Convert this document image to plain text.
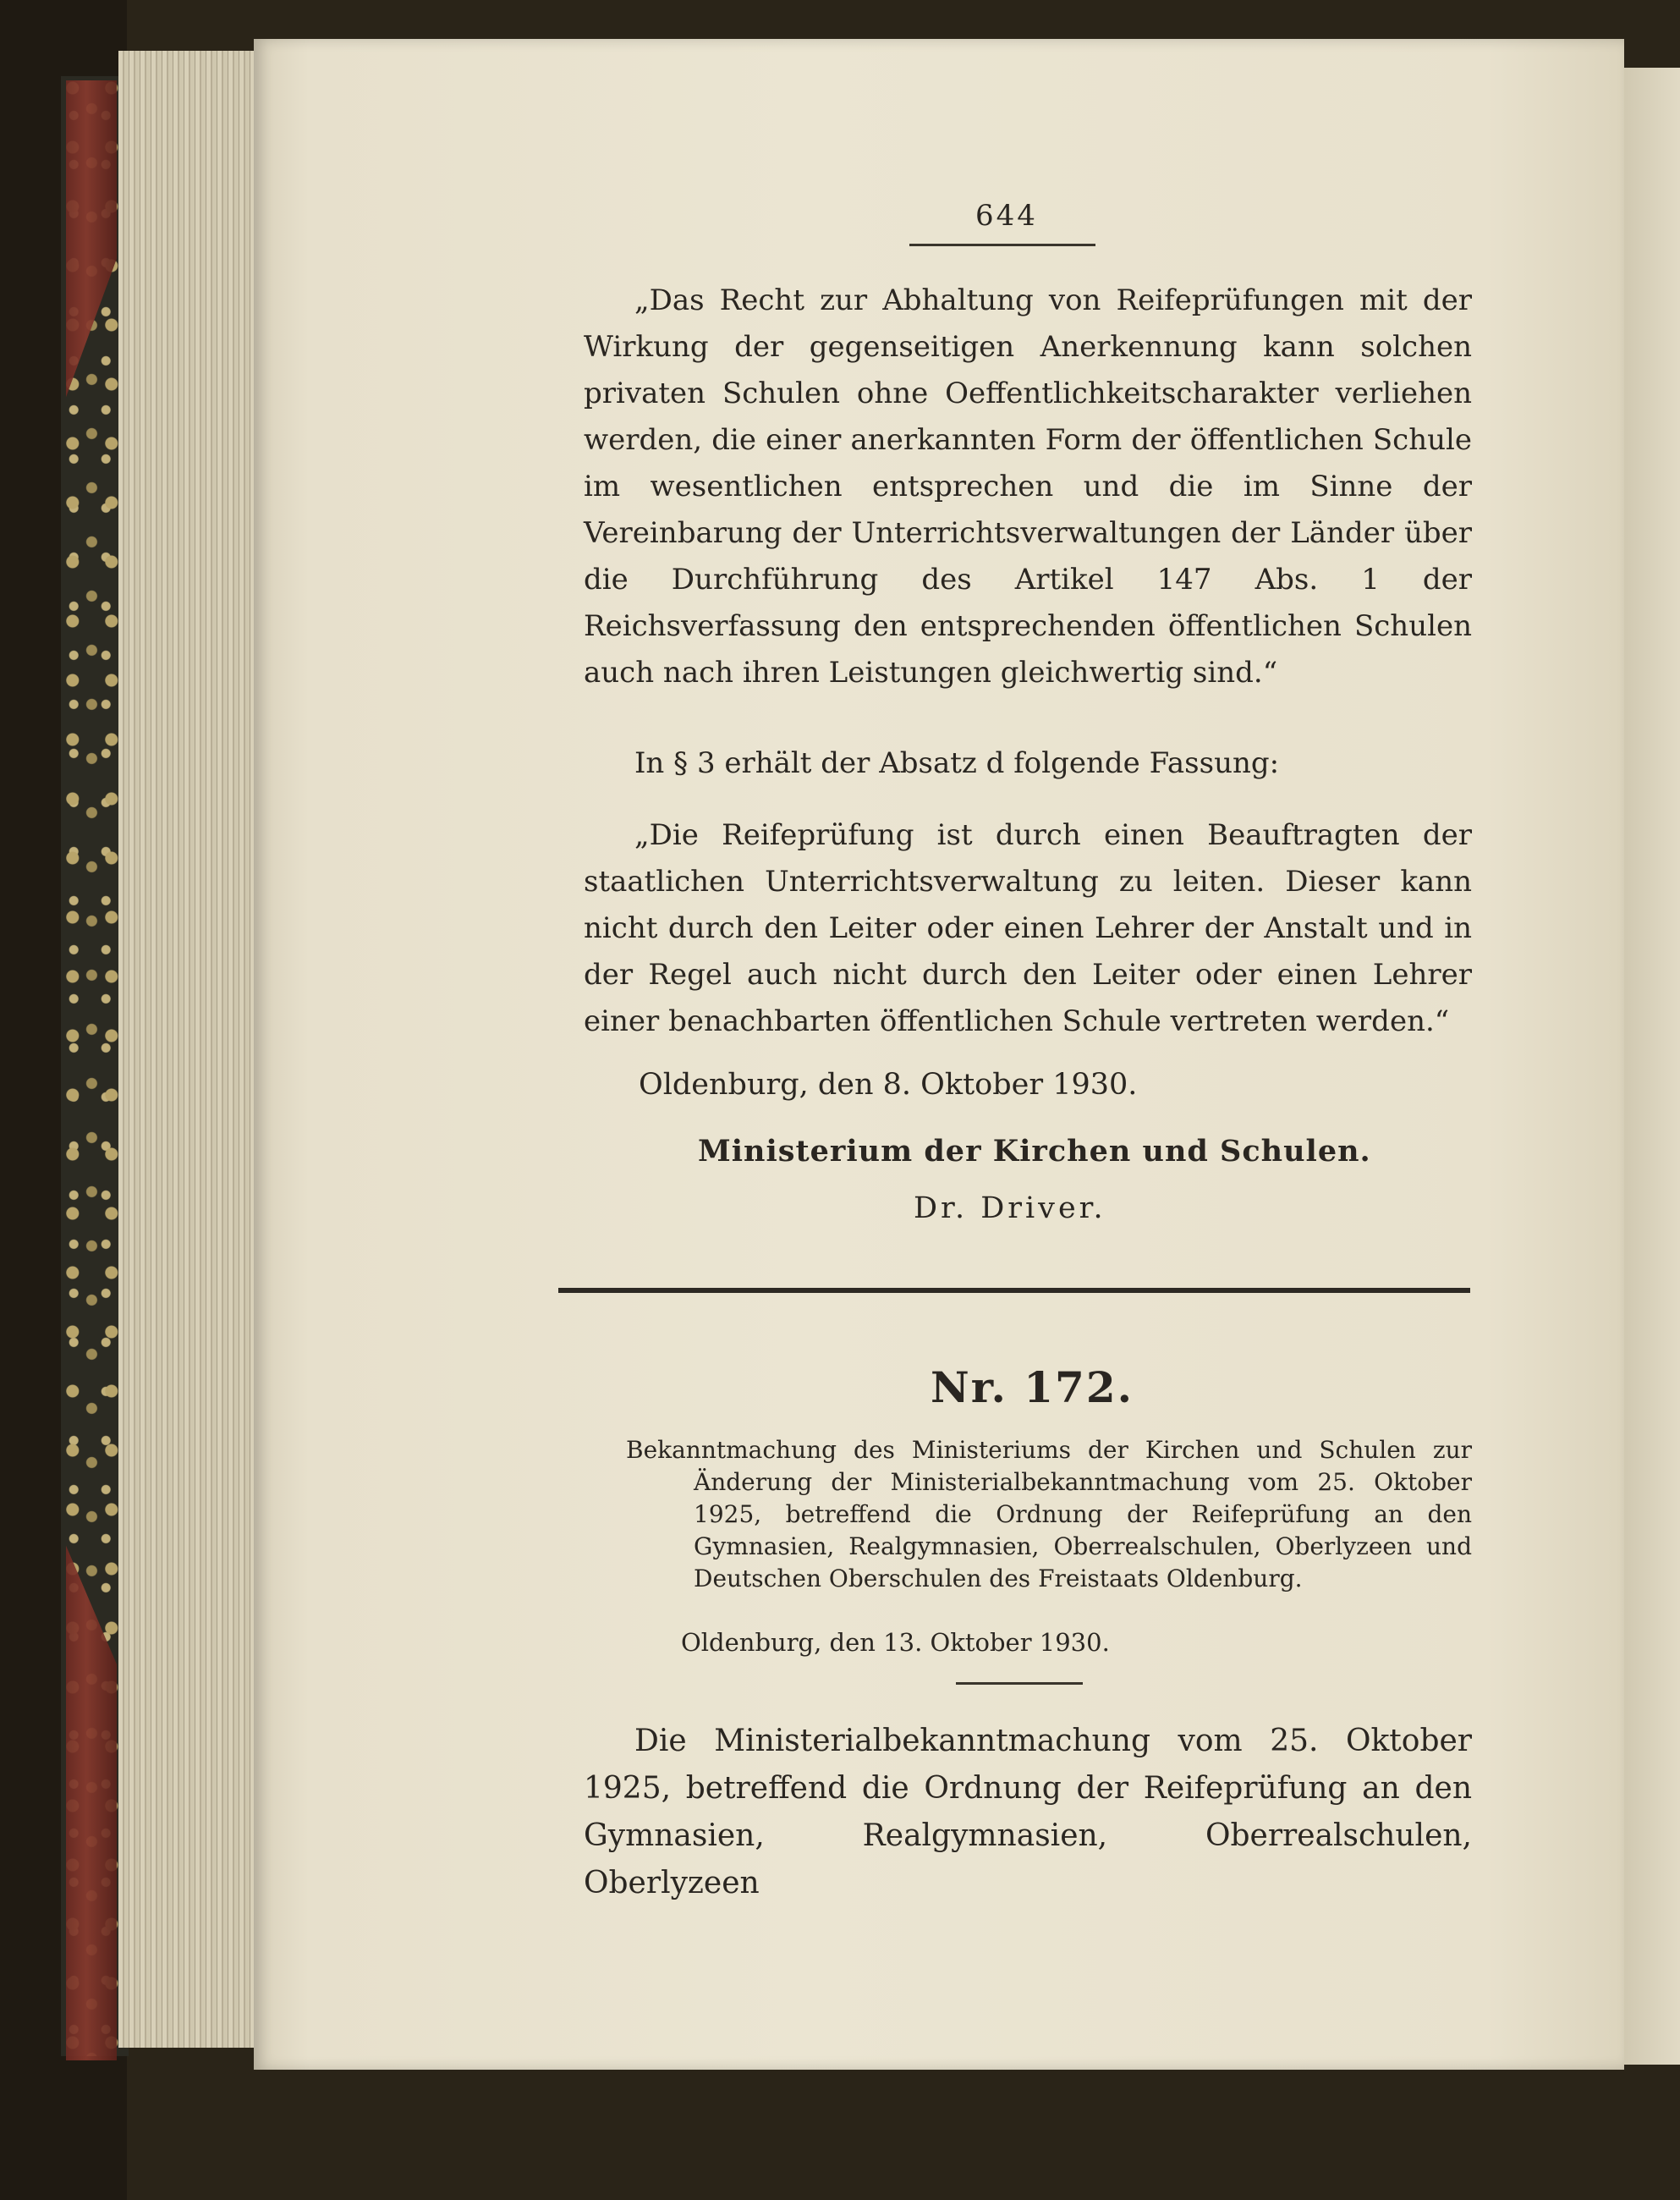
644
„Das Recht zur Abhaltung von Reifeprüfungen mit der Wirkung der gegenseitigen Anerkennung kann solchen privaten Schulen ohne Oeffentlichkeitscharakter verliehen werden, die einer anerkannten Form der öffentlichen Schule im wesentlichen entsprechen und die im Sinne der Vereinbarung der Unterrichtsverwaltungen der Länder über die Durchführung des Artikel 147 Abs. 1 der Reichsverfassung den entsprechenden öffentlichen Schulen auch nach ihren Leistungen gleichwertig sind.“
In § 3 erhält der Absatz d folgende Fassung:
„Die Reifeprüfung ist durch einen Beauftragten der staatlichen Unterrichtsverwaltung zu leiten. Dieser kann nicht durch den Leiter oder einen Lehrer der Anstalt und in der Regel auch nicht durch den Leiter oder einen Lehrer einer benachbarten öffentlichen Schule vertreten werden.“
Oldenburg, den 8. Oktober 1930.
Ministerium der Kirchen und Schulen.
Dr. Driver.
Nr. 172.
Bekanntmachung des Ministeriums der Kirchen und Schulen zur Änderung der Ministerialbekanntmachung vom 25. Oktober 1925, betreffend die Ordnung der Reifeprüfung an den Gymnasien, Realgymnasien, Oberrealschulen, Oberlyzeen und Deutschen Oberschulen des Freistaats Oldenburg.
Oldenburg, den 13. Oktober 1930.
Die Ministerialbekanntmachung vom 25. Oktober 1925, betreffend die Ordnung der Reifeprüfung an den Gymnasien, Realgymnasien, Oberrealschulen, Oberlyzeen
